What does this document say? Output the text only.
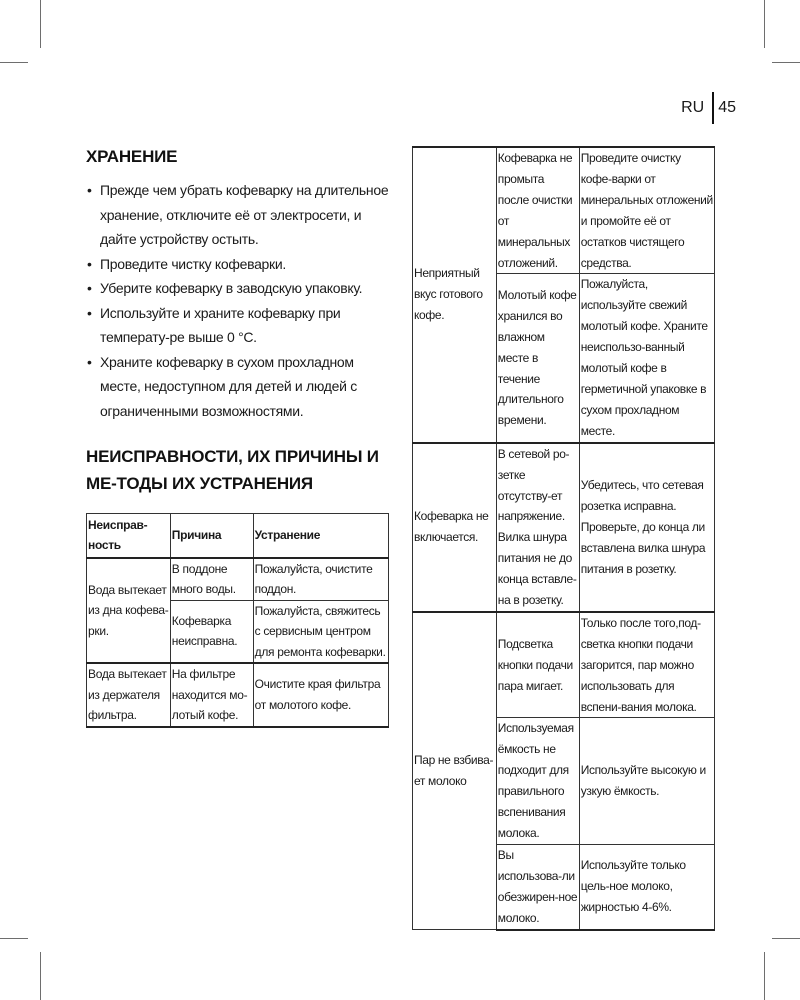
RU 45
ХРАНЕНИЕ
• Прежде чем убрать кофеварку на длительное хранение, отключите её от электросети, и дайте устройству остыть.
• Проведите чистку кофеварки.
• Уберите кофеварку в заводскую упаковку.
• Используйте и храните кофеварку при температу-ре выше 0 °С.
• Храните кофеварку в сухом прохладном месте, недоступном для детей и людей с ограниченными возможностями.
НЕИСПРАВНОСТИ, ИХ ПРИЧИНЫ И МЕ-ТОДЫ ИХ УСТРАНЕНИЯ
Неисправ-ность	Причина	Устранение
Вода вытекает из дна кофева-рки.	В поддоне много воды.	Пожалуйста, очистите поддон.
	Кофеварка неисправна.	Пожалуйста, свяжитесь с сервисным центром для ремонта кофеварки.
Вода вытекает из держателя фильтра.	На фильтре находится мо-лотый кофе.	Очистите края фильтра от молотого кофе.
Неприятный вкус готового кофе.	Кофеварка не промыта после очистки от минеральных отложений.	Проведите очистку кофе-варки от минеральных отложений и промойте её от остатков чистящего средства.
	Молотый кофе хранился во влажном месте в течение длительного времени.	Пожалуйста, используйте свежий молотый кофе. Храните неиспользо-ванный молотый кофе в герметичной упаковке в сухом прохладном месте.
Кофеварка не включается.	В сетевой ро-зетке отсутству-ет напряжение. Вилка шнура питания не до конца вставле-на в розетку.	Убедитесь, что сетевая розетка исправна. Проверьте, до конца ли вставлена вилка шнура питания в розетку.
Пар не взбива-ет молоко	Подсветка кнопки подачи пара мигает.	Только после того,под-светка кнопки подачи загорится, пар можно использовать для вспени-вания молока.
	Используемая ёмкость не подходит для правильного вспенивания молока.	Используйте высокую и узкую ёмкость.
	Вы использова-ли обезжирен-ное молоко.	Используйте только цель-ное молоко, жирностью 4-6%.
